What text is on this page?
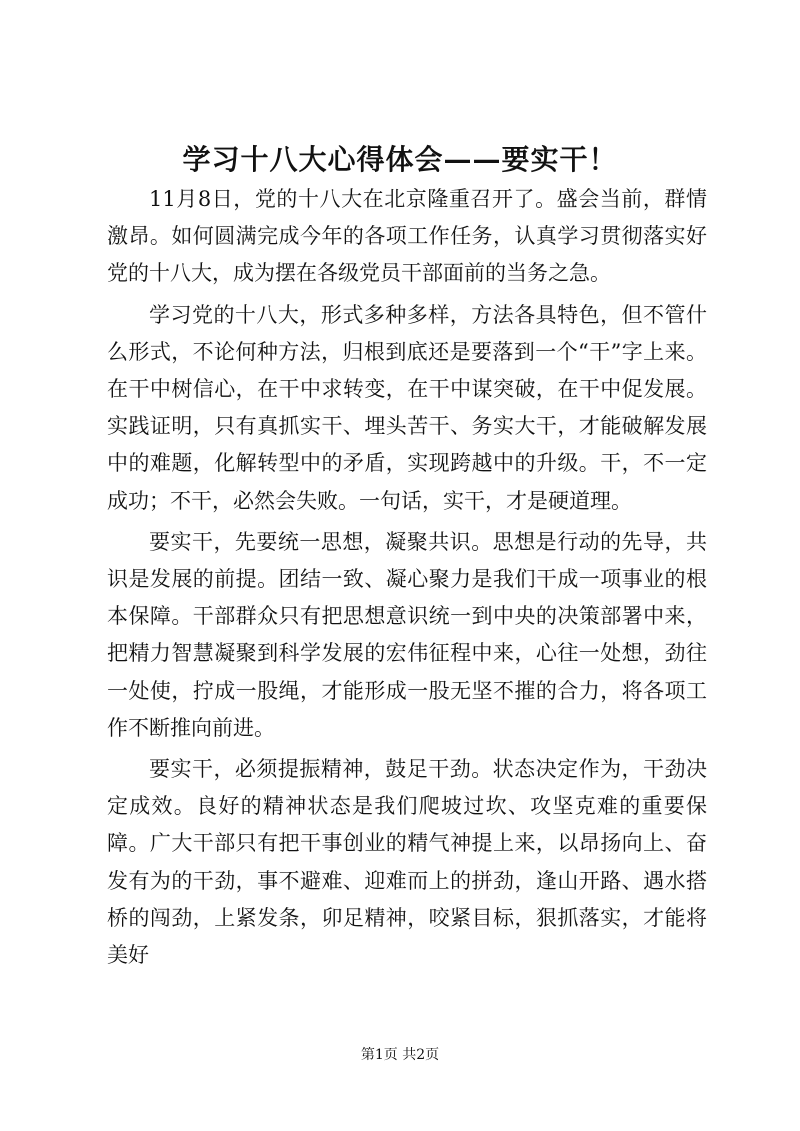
学习十八大心得体会——要实干！

11月8日，党的十八大在北京隆重召开了。盛会当前，群情激昂。如何圆满完成今年的各项工作任务，认真学习贯彻落实好党的十八大，成为摆在各级党员干部面前的当务之急。

学习党的十八大，形式多种多样，方法各具特色，但不管什么形式，不论何种方法，归根到底还是要落到一个“干”字上来。在干中树信心，在干中求转变，在干中谋突破，在干中促发展。实践证明，只有真抓实干、埋头苦干、务实大干，才能破解发展中的难题，化解转型中的矛盾，实现跨越中的升级。干，不一定成功；不干，必然会失败。一句话，实干，才是硬道理。

要实干，先要统一思想，凝聚共识。思想是行动的先导，共识是发展的前提。团结一致、凝心聚力是我们干成一项事业的根本保障。干部群众只有把思想意识统一到中央的决策部署中来，把精力智慧凝聚到科学发展的宏伟征程中来，心往一处想，劲往一处使，拧成一股绳，才能形成一股无坚不摧的合力，将各项工作不断推向前进。

要实干，必须提振精神，鼓足干劲。状态决定作为，干劲决定成效。良好的精神状态是我们爬坡过坎、攻坚克难的重要保障。广大干部只有把干事创业的精气神提上来，以昂扬向上、奋发有为的干劲，事不避难、迎难而上的拼劲，逢山开路、遇水搭桥的闯劲，上紧发条，卯足精神，咬紧目标，狠抓落实，才能将美好

第1页 共2页
